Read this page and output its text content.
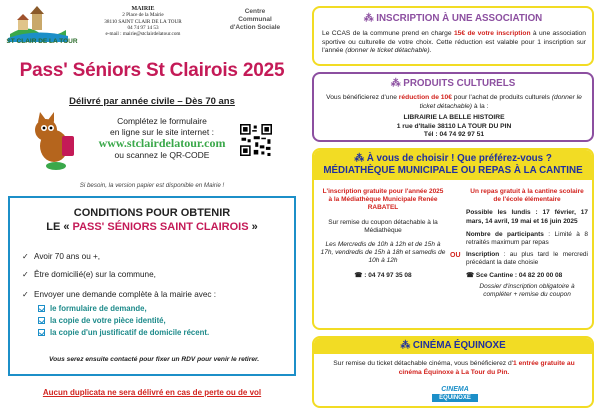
ST CLAIR DE LA TOUR
MAIRIE
2 Place de la Mairie
38110 SAINT CLAIR DE LA TOUR
04 74 97 14 53
e-mail : mairie@stclairdelatour.com
Centre
Communal
d'Action Sociale
Pass' Séniors St Clairois 2025
Délivré par année civile – Dès 70 ans
Complétez le formulaire
en ligne sur le site internet :
www.stclairdelatour.com
ou scannez le QR-CODE
Si besoin, la version papier est disponible en Mairie !
CONDITIONS POUR OBTENIR
LE « PASS' SÉNIORS SAINT CLAIROIS »
✓ Avoir 70 ans ou +,
✓ Être domicilié(e) sur la commune,
✓ Envoyer une demande complète à la mairie avec :
le formulaire de demande,
la copie de votre pièce identité,
la copie d'un justificatif de domicile récent.
Vous serez ensuite contacté pour fixer un RDV pour venir le retirer.
Aucun duplicata ne sera délivré en cas de perte ou de vol
⁂ INSCRIPTION À UNE ASSOCIATION
Le CCAS de la commune prend en charge 15€ de votre inscription à une association sportive ou culturelle de votre choix. Cette réduction est valable pour 1 inscription sur l'année (donner le ticket détachable).
⁂ PRODUITS CULTURELS
Vous bénéficierez d'une réduction de 10€ pour l'achat de produits culturels (donner le ticket détachable) à la :
LIBRAIRIE LA BELLE HISTOIRE
1 rue d'Italie 38110 LA TOUR DU PIN
Tél : 04 74 92 97 51
⁂ À vous de choisir ! Que préférez-vous ?
MÉDIATHÈQUE MUNICIPALE OU REPAS À LA CANTINE
L'inscription gratuite pour l'année 2025 à la Médiathèque Municipale Renée RABATEL
Sur remise du coupon détachable à la Médiathèque
Les Mercredis de 10h à 12h et de 15h à 17h, vendredis de 15h à 18h et samedis de 10h à 12h
☎ : 04 74 97 35 08
OU
Un repas gratuit à la cantine scolaire de l'école élémentaire
Possible les lundis : 17 février, 17 mars, 14 avril, 19 mai et 16 juin 2025
Nombre de participants : Limité à 8 retraités maximum par repas
Inscription : au plus tard le mercredi précédant la date choisie
☎ Sce Cantine : 04 82 20 00 08
Dossier d'inscription obligatoire à compléter + remise du coupon
⁂ CINÉMA ÉQUINOXE
Sur remise du ticket détachable cinéma, vous bénéficierez d'1 entrée gratuite au cinéma Équinoxe à La Tour du Pin.
CINEMA
ÉQUINOXE
